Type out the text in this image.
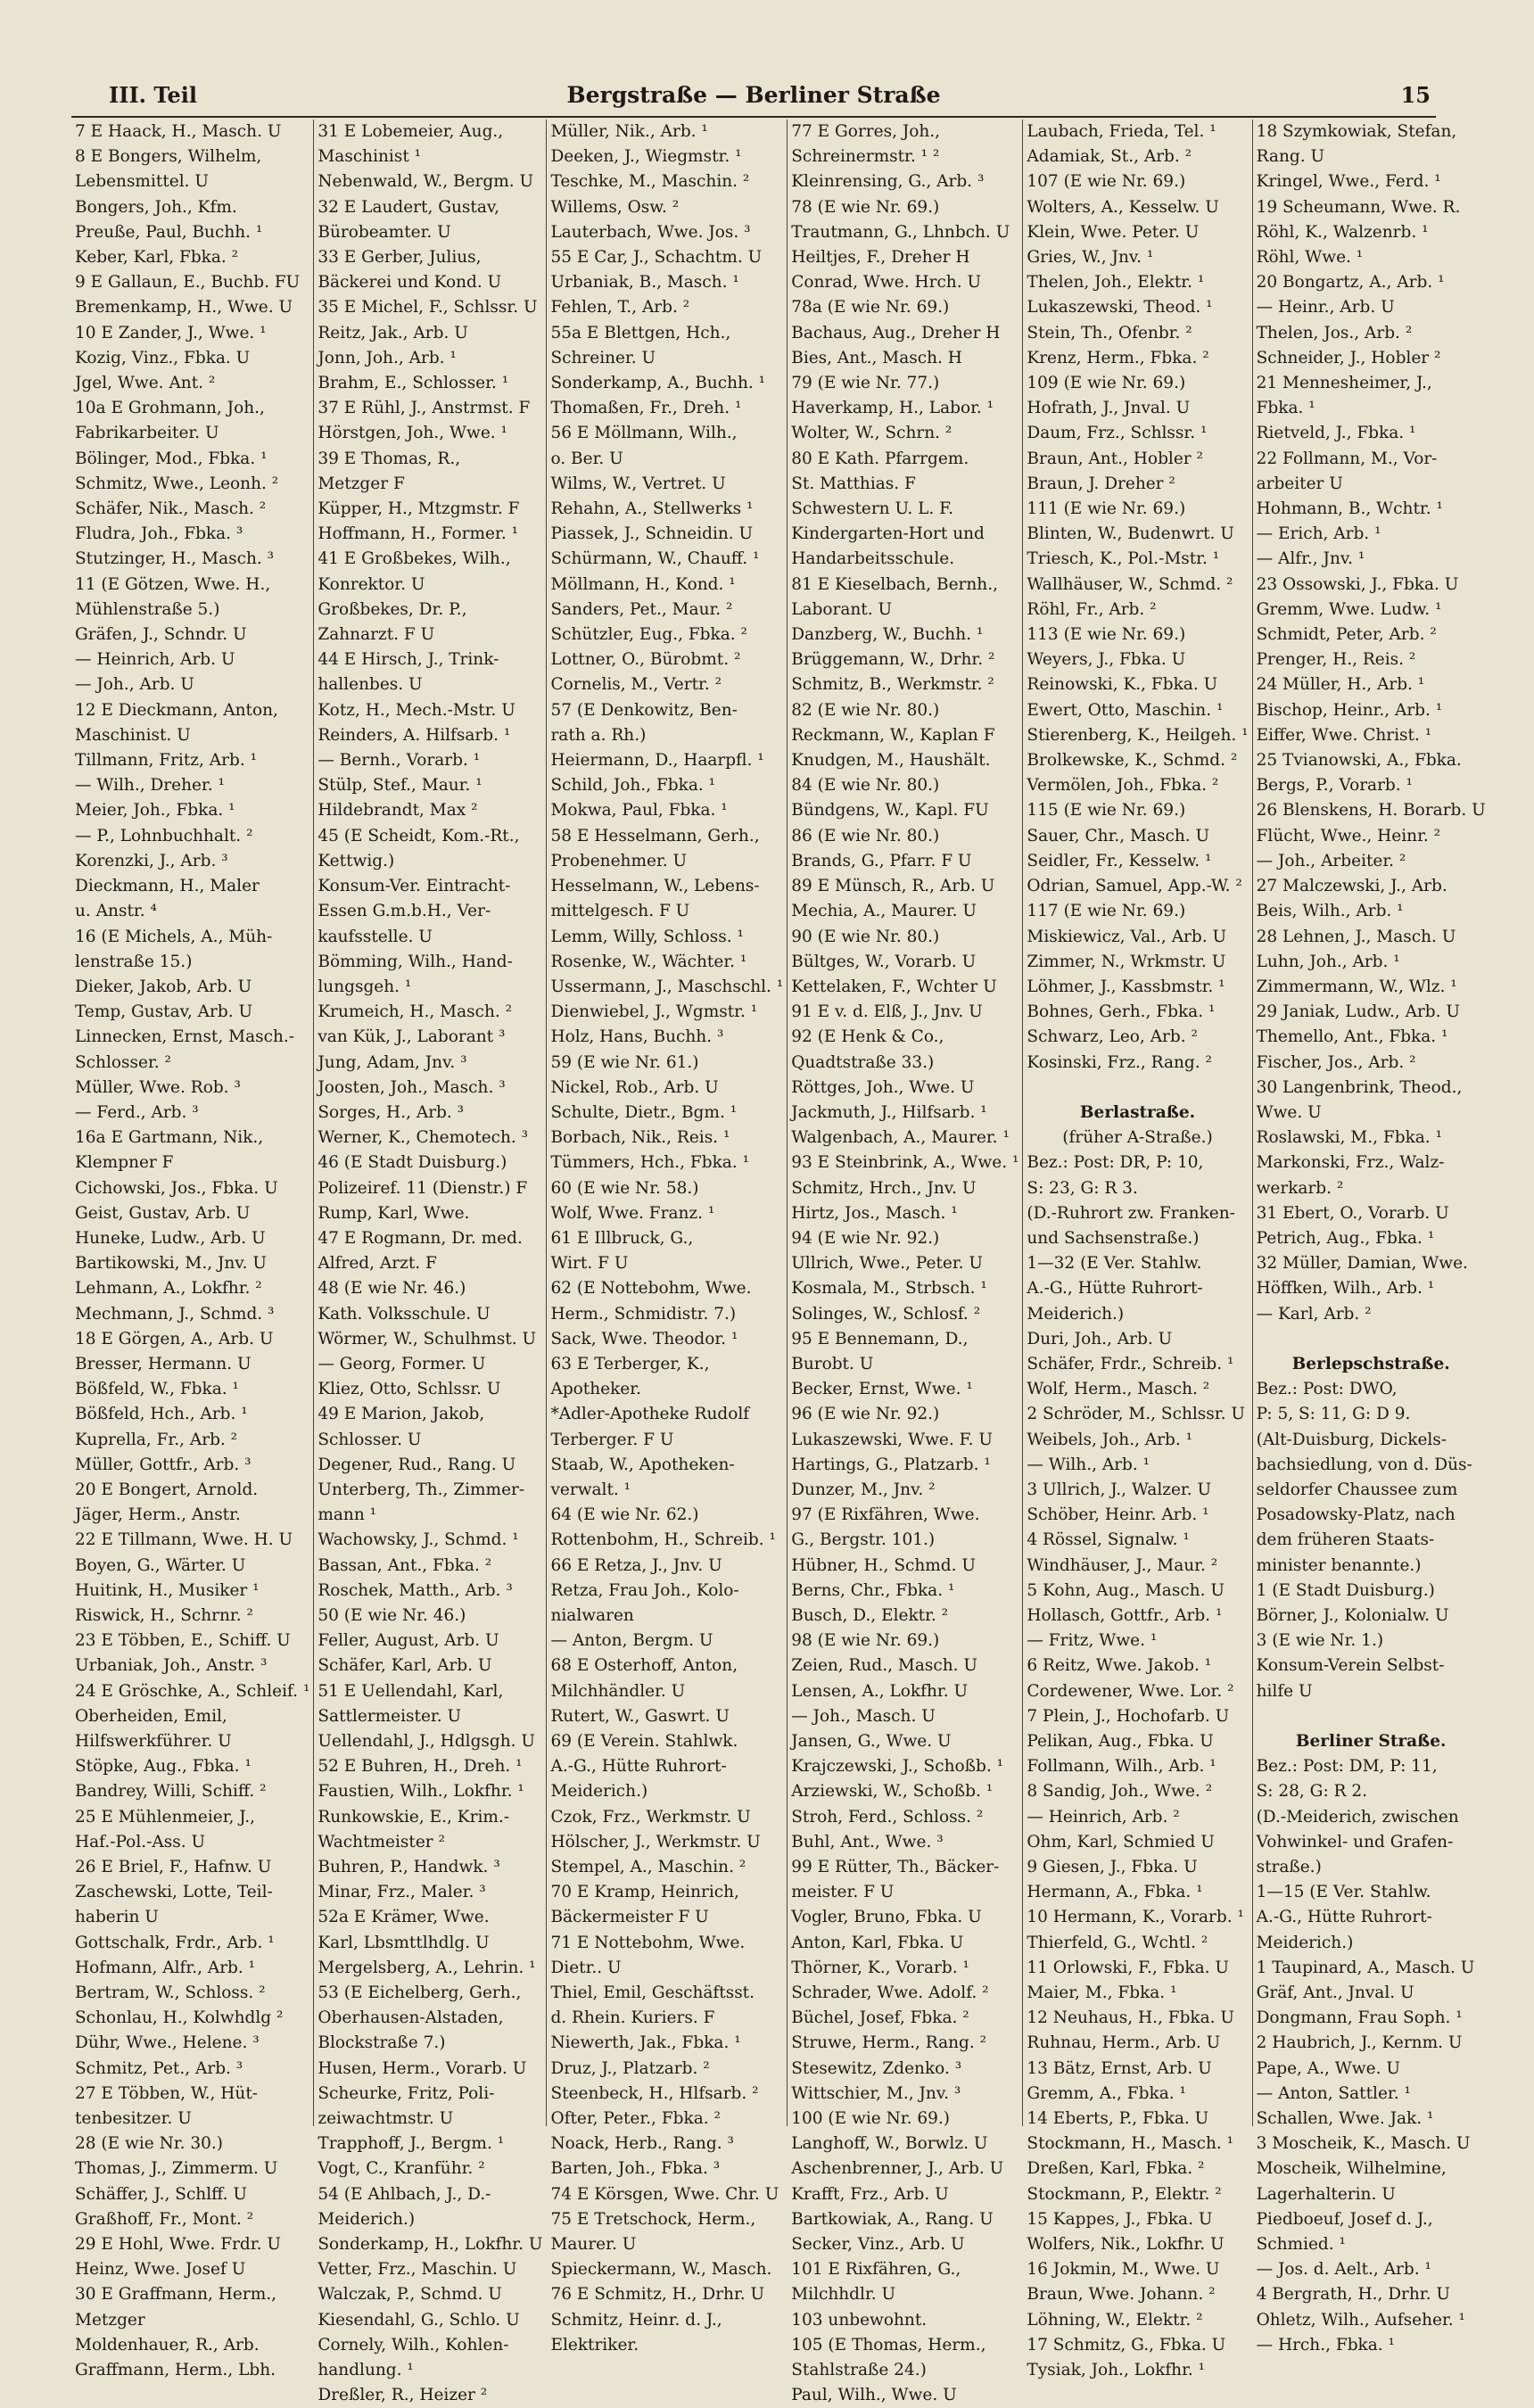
III. Teil	Bergstraße — Berliner Straße	15
7 E Haack, H., Masch. U
8 E Bongers, Wilhelm,
Lebensmittel. U
Bongers, Joh., Kfm.
Preuße, Paul, Buchh. ¹
Keber, Karl, Fbka. ²
9 E Gallaun, E., Buchb. FU
Bremenkamp, H., Wwe. U
10 E Zander, J., Wwe. ¹
Kozig, Vinz., Fbka. U
Jgel, Wwe. Ant. ²
10a E Grohmann, Joh.,
Fabrikarbeiter. U
Bölinger, Mod., Fbka. ¹
Schmitz, Wwe., Leonh. ²
Schäfer, Nik., Masch. ²
Fludra, Joh., Fbka. ³
Stutzinger, H., Masch. ³
11 (E Götzen, Wwe. H.,
Mühlenstraße 5.)
Gräfen, J., Schndr. U
— Heinrich, Arb. U
— Joh., Arb. U
12 E Dieckmann, Anton,
Maschinist. U
Tillmann, Fritz, Arb. ¹
— Wilh., Dreher. ¹
Meier, Joh., Fbka. ¹
— P., Lohnbuchhalt. ²
Korenzki, J., Arb. ³
Dieckmann, H., Maler
u. Anstr. ⁴
16 (E Michels, A., Müh-
lenstraße 15.)
Dieker, Jakob, Arb. U
Temp, Gustav, Arb. U
Linnecken, Ernst, Masch.-
Schlosser. ²
Müller, Wwe. Rob. ³
— Ferd., Arb. ³
16a E Gartmann, Nik.,
Klempner F
Cichowski, Jos., Fbka. U
Geist, Gustav, Arb. U
Huneke, Ludw., Arb. U
Bartikowski, M., Jnv. U
Lehmann, A., Lokfhr. ²
Mechmann, J., Schmd. ³
18 E Görgen, A., Arb. U
Bresser, Hermann. U
Bößfeld, W., Fbka. ¹
Bößfeld, Hch., Arb. ¹
Kuprella, Fr., Arb. ²
Müller, Gottfr., Arb. ³
20 E Bongert, Arnold.
Jäger, Herm., Anstr.
22 E Tillmann, Wwe. H. U
Boyen, G., Wärter. U
Huitink, H., Musiker ¹
Riswick, H., Schrnr. ²
23 E Többen, E., Schiff. U
Urbaniak, Joh., Anstr. ³
24 E Gröschke, A., Schleif. ¹
Oberheiden, Emil,
Hilfswerkführer. U
Stöpke, Aug., Fbka. ¹
Bandrey, Willi, Schiff. ²
25 E Mühlenmeier, J.,
Haf.-Pol.-Ass. U
26 E Briel, F., Hafnw. U
Zaschewski, Lotte, Teil-
haberin U
Gottschalk, Frdr., Arb. ¹
Hofmann, Alfr., Arb. ¹
Bertram, W., Schloss. ²
Schonlau, H., Kolwhdlg ²
Dühr, Wwe., Helene. ³
Schmitz, Pet., Arb. ³
27 E Többen, W., Hüt-
tenbesitzer. U
28 (E wie Nr. 30.)
Thomas, J., Zimmerm. U
Schäffer, J., Schlff. U
Graßhoff, Fr., Mont. ²
29 E Hohl, Wwe. Frdr. U
Heinz, Wwe. Josef U
30 E Graffmann, Herm.,
Metzger
Moldenhauer, R., Arb.
Graffmann, Herm., Lbh.
31 E Lobemeier, Aug.,
Maschinist ¹
Nebenwald, W., Bergm. U
32 E Laudert, Gustav,
Bürobeamter. U
33 E Gerber, Julius,
Bäckerei und Kond. U
35 E Michel, F., Schlssr. U
Reitz, Jak., Arb. U
Jonn, Joh., Arb. ¹
Brahm, E., Schlosser. ¹
37 E Rühl, J., Anstrmst. F
Hörstgen, Joh., Wwe. ¹
39 E Thomas, R.,
Metzger F
Küpper, H., Mtzgmstr. F
Hoffmann, H., Former. ¹
41 E Großbekes, Wilh.,
Konrektor. U
Großbekes, Dr. P.,
Zahnarzt. F U
44 E Hirsch, J., Trink-
hallenbes. U
Kotz, H., Mech.-Mstr. U
Reinders, A. Hilfsarb. ¹
— Bernh., Vorarb. ¹
Stülp, Stef., Maur. ¹
Hildebrandt, Max ²
45 (E Scheidt, Kom.-Rt.,
Kettwig.)
Konsum-Ver. Eintracht-
Essen G.m.b.H., Ver-
kaufsstelle. U
Bömming, Wilh., Hand-
lungsgeh. ¹
Krumeich, H., Masch. ²
van Kük, J., Laborant ³
Jung, Adam, Jnv. ³
Joosten, Joh., Masch. ³
Sorges, H., Arb. ³
Werner, K., Chemotech. ³
46 (E Stadt Duisburg.)
Polizeiref. 11 (Dienstr.) F
Rump, Karl, Wwe.
47 E Rogmann, Dr. med.
Alfred, Arzt. F
48 (E wie Nr. 46.)
Kath. Volksschule. U
Wörmer, W., Schulhmst. U
— Georg, Former. U
Kliez, Otto, Schlssr. U
49 E Marion, Jakob,
Schlosser. U
Degener, Rud., Rang. U
Unterberg, Th., Zimmer-
mann ¹
Wachowsky, J., Schmd. ¹
Bassan, Ant., Fbka. ²
Roschek, Matth., Arb. ³
50 (E wie Nr. 46.)
Feller, August, Arb. U
Schäfer, Karl, Arb. U
51 E Uellendahl, Karl,
Sattlermeister. U
Uellendahl, J., Hdlgsgh. U
52 E Buhren, H., Dreh. ¹
Faustien, Wilh., Lokfhr. ¹
Runkowskie, E., Krim.-
Wachtmeister ²
Buhren, P., Handwk. ³
Minar, Frz., Maler. ³
52a E Krämer, Wwe.
Karl, Lbsmttlhdlg. U
Mergelsberg, A., Lehrin. ¹
53 (E Eichelberg, Gerh.,
Oberhausen-Alstaden,
Blockstraße 7.)
Husen, Herm., Vorarb. U
Scheurke, Fritz, Poli-
zeiwachtmstr. U
Trapphoff, J., Bergm. ¹
Vogt, C., Kranführ. ²
54 (E Ahlbach, J., D.-
Meiderich.)
Sonderkamp, H., Lokfhr. U
Vetter, Frz., Maschin. U
Walczak, P., Schmd. U
Kiesendahl, G., Schlo. U
Cornely, Wilh., Kohlen-
handlung. ¹
Dreßler, R., Heizer ²
Müller, Nik., Arb. ¹
Deeken, J., Wiegmstr. ¹
Teschke, M., Maschin. ²
Willems, Osw. ²
Lauterbach, Wwe. Jos. ³
55 E Car, J., Schachtm. U
Urbaniak, B., Masch. ¹
Fehlen, T., Arb. ²
55a E Blettgen, Hch.,
Schreiner. U
Sonderkamp, A., Buchh. ¹
Thomaßen, Fr., Dreh. ¹
56 E Möllmann, Wilh.,
o. Ber. U
Wilms, W., Vertret. U
Rehahn, A., Stellwerks ¹
Piassek, J., Schneidin. U
Schürmann, W., Chauff. ¹
Möllmann, H., Kond. ¹
Sanders, Pet., Maur. ²
Schützler, Eug., Fbka. ²
Lottner, O., Bürobmt. ²
Cornelis, M., Vertr. ²
57 (E Denkowitz, Ben-
rath a. Rh.)
Heiermann, D., Haarpfl. ¹
Schild, Joh., Fbka. ¹
Mokwa, Paul, Fbka. ¹
58 E Hesselmann, Gerh.,
Probenehmer. U
Hesselmann, W., Lebens-
mittelgesch. F U
Lemm, Willy, Schloss. ¹
Rosenke, W., Wächter. ¹
Ussermann, J., Maschschl. ¹
Dienwiebel, J., Wgmstr. ¹
Holz, Hans, Buchh. ³
59 (E wie Nr. 61.)
Nickel, Rob., Arb. U
Schulte, Dietr., Bgm. ¹
Borbach, Nik., Reis. ¹
Tümmers, Hch., Fbka. ¹
60 (E wie Nr. 58.)
Wolf, Wwe. Franz. ¹
61 E Illbruck, G.,
Wirt. F U
62 (E Nottebohm, Wwe.
Herm., Schmidistr. 7.)
Sack, Wwe. Theodor. ¹
63 E Terberger, K.,
Apotheker.
*Adler-Apotheke Rudolf
Terberger. F U
Staab, W., Apotheken-
verwalt. ¹
64 (E wie Nr. 62.)
Rottenbohm, H., Schreib. ¹
66 E Retza, J., Jnv. U
Retza, Frau Joh., Kolo-
nialwaren
— Anton, Bergm. U
68 E Osterhoff, Anton,
Milchhändler. U
Rutert, W., Gaswrt. U
69 (E Verein. Stahlwk.
A.-G., Hütte Ruhrort-
Meiderich.)
Czok, Frz., Werkmstr. U
Hölscher, J., Werkmstr. U
Stempel, A., Maschin. ²
70 E Kramp, Heinrich,
Bäckermeister F U
71 E Nottebohm, Wwe.
Dietr.. U
Thiel, Emil, Geschäftsst.
d. Rhein. Kuriers. F
Niewerth, Jak., Fbka. ¹
Druz, J., Platzarb. ²
Steenbeck, H., Hlfsarb. ²
Ofter, Peter., Fbka. ²
Noack, Herb., Rang. ³
Barten, Joh., Fbka. ³
74 E Körsgen, Wwe. Chr. U
75 E Tretschock, Herm.,
Maurer. U
Spieckermann, W., Masch.
76 E Schmitz, H., Drhr. U
Schmitz, Heinr. d. J.,
Elektriker.
77 E Gorres, Joh.,
Schreinermstr. ¹ ²
Kleinrensing, G., Arb. ³
78 (E wie Nr. 69.)
Trautmann, G., Lhnbch. U
Heiltjes, F., Dreher H
Conrad, Wwe. Hrch. U
78a (E wie Nr. 69.)
Bachaus, Aug., Dreher H
Bies, Ant., Masch. H
79 (E wie Nr. 77.)
Haverkamp, H., Labor. ¹
Wolter, W., Schrn. ²
80 E Kath. Pfarrgem.
St. Matthias. F
Schwestern U. L. F.
Kindergarten-Hort und
Handarbeitsschule.
81 E Kieselbach, Bernh.,
Laborant. U
Danzberg, W., Buchh. ¹
Brüggemann, W., Drhr. ²
Schmitz, B., Werkmstr. ²
82 (E wie Nr. 80.)
Reckmann, W., Kaplan F
Knudgen, M., Haushält.
84 (E wie Nr. 80.)
Bündgens, W., Kapl. FU
86 (E wie Nr. 80.)
Brands, G., Pfarr. F U
89 E Münsch, R., Arb. U
Mechia, A., Maurer. U
90 (E wie Nr. 80.)
Bültges, W., Vorarb. U
Kettelaken, F., Wchter U
91 E v. d. Elß, J., Jnv. U
92 (E Henk & Co.,
Quadtstraße 33.)
Röttges, Joh., Wwe. U
Jackmuth, J., Hilfsarb. ¹
Walgenbach, A., Maurer. ¹
93 E Steinbrink, A., Wwe. ¹
Schmitz, Hrch., Jnv. U
Hirtz, Jos., Masch. ¹
94 (E wie Nr. 92.)
Ullrich, Wwe., Peter. U
Kosmala, M., Strbsch. ¹
Solinges, W., Schlosf. ²
95 E Bennemann, D.,
Burobt. U
Becker, Ernst, Wwe. ¹
96 (E wie Nr. 92.)
Lukaszewski, Wwe. F. U
Hartings, G., Platzarb. ¹
Dunzer, M., Jnv. ²
97 (E Rixfähren, Wwe.
G., Bergstr. 101.)
Hübner, H., Schmd. U
Berns, Chr., Fbka. ¹
Busch, D., Elektr. ²
98 (E wie Nr. 69.)
Zeien, Rud., Masch. U
Lensen, A., Lokfhr. U
— Joh., Masch. U
Jansen, G., Wwe. U
Krajczewski, J., Schoßb. ¹
Arziewski, W., Schoßb. ¹
Stroh, Ferd., Schloss. ²
Buhl, Ant., Wwe. ³
99 E Rütter, Th., Bäcker-
meister. F U
Vogler, Bruno, Fbka. U
Anton, Karl, Fbka. U
Thörner, K., Vorarb. ¹
Schrader, Wwe. Adolf. ²
Büchel, Josef, Fbka. ²
Struwe, Herm., Rang. ²
Stesewitz, Zdenko. ³
Wittschier, M., Jnv. ³
100 (E wie Nr. 69.)
Langhoff, W., Borwlz. U
Aschenbrenner, J., Arb. U
Krafft, Frz., Arb. U
Bartkowiak, A., Rang. U
Secker, Vinz., Arb. U
101 E Rixfähren, G.,
Milchhdlr. U
103 unbewohnt.
105 (E Thomas, Herm.,
Stahlstraße 24.)
Paul, Wilh., Wwe. U
Laubach, Frieda, Tel. ¹
Adamiak, St., Arb. ²
107 (E wie Nr. 69.)
Wolters, A., Kesselw. U
Klein, Wwe. Peter. U
Gries, W., Jnv. ¹
Thelen, Joh., Elektr. ¹
Lukaszewski, Theod. ¹
Stein, Th., Ofenbr. ²
Krenz, Herm., Fbka. ²
109 (E wie Nr. 69.)
Hofrath, J., Jnval. U
Daum, Frz., Schlssr. ¹
Braun, Ant., Hobler ²
Braun, J. Dreher ²
111 (E wie Nr. 69.)
Blinten, W., Budenwrt. U
Triesch, K., Pol.-Mstr. ¹
Wallhäuser, W., Schmd. ²
Röhl, Fr., Arb. ²
113 (E wie Nr. 69.)
Weyers, J., Fbka. U
Reinowski, K., Fbka. U
Ewert, Otto, Maschin. ¹
Stierenberg, K., Heilgeh. ¹
Brolkewske, K., Schmd. ²
Vermölen, Joh., Fbka. ²
115 (E wie Nr. 69.)
Sauer, Chr., Masch. U
Seidler, Fr., Kesselw. ¹
Odrian, Samuel, App.-W. ²
117 (E wie Nr. 69.)
Miskiewicz, Val., Arb. U
Zimmer, N., Wrkmstr. U
Löhmer, J., Kassbmstr. ¹
Bohnes, Gerh., Fbka. ¹
Schwarz, Leo, Arb. ²
Kosinski, Frz., Rang. ²

Berlastraße.
(früher A-Straße.)
Bez.: Post: DR, P: 10,
S: 23, G: R 3.
(D.-Ruhrort zw. Franken-
und Sachsenstraße.)
1—32 (E Ver. Stahlw.
A.-G., Hütte Ruhrort-
Meiderich.)
Duri, Joh., Arb. U
Schäfer, Frdr., Schreib. ¹
Wolf, Herm., Masch. ²
2 Schröder, M., Schlssr. U
Weibels, Joh., Arb. ¹
— Wilh., Arb. ¹
3 Ullrich, J., Walzer. U
Schöber, Heinr. Arb. ¹
4 Rössel, Signalw. ¹
Windhäuser, J., Maur. ²
5 Kohn, Aug., Masch. U
Hollasch, Gottfr., Arb. ¹
— Fritz, Wwe. ¹
6 Reitz, Wwe. Jakob. ¹
Cordewener, Wwe. Lor. ²
7 Plein, J., Hochofarb. U
Pelikan, Aug., Fbka. U
Follmann, Wilh., Arb. ¹
8 Sandig, Joh., Wwe. ²
— Heinrich, Arb. ²
Ohm, Karl, Schmied U
9 Giesen, J., Fbka. U
Hermann, A., Fbka. ¹
10 Hermann, K., Vorarb. ¹
Thierfeld, G., Wchtl. ²
11 Orlowski, F., Fbka. U
Maier, M., Fbka. ¹
12 Neuhaus, H., Fbka. U
Ruhnau, Herm., Arb. U
13 Bätz, Ernst, Arb. U
Gremm, A., Fbka. ¹
14 Eberts, P., Fbka. U
Stockmann, H., Masch. ¹
Dreßen, Karl, Fbka. ²
Stockmann, P., Elektr. ²
15 Kappes, J., Fbka. U
Wolfers, Nik., Lokfhr. U
16 Jokmin, M., Wwe. U
Braun, Wwe. Johann. ²
Löhning, W., Elektr. ²
17 Schmitz, G., Fbka. U
Tysiak, Joh., Lokfhr. ¹
18 Szymkowiak, Stefan,
Rang. U
Kringel, Wwe., Ferd. ¹
19 Scheumann, Wwe. R.
Röhl, K., Walzenrb. ¹
Röhl, Wwe. ¹
20 Bongartz, A., Arb. ¹
— Heinr., Arb. U
Thelen, Jos., Arb. ²
Schneider, J., Hobler ²
21 Mennesheimer, J.,
Fbka. ¹
Rietveld, J., Fbka. ¹
22 Follmann, M., Vor-
arbeiter U
Hohmann, B., Wchtr. ¹
— Erich, Arb. ¹
— Alfr., Jnv. ¹
23 Ossowski, J., Fbka. U
Gremm, Wwe. Ludw. ¹
Schmidt, Peter, Arb. ²
Prenger, H., Reis. ²
24 Müller, H., Arb. ¹
Bischop, Heinr., Arb. ¹
Eiffer, Wwe. Christ. ¹
25 Tvianowski, A., Fbka.
Bergs, P., Vorarb. ¹
26 Blenskens, H. Borarb. U
Flücht, Wwe., Heinr. ²
— Joh., Arbeiter. ²
27 Malczewski, J., Arb.
Beis, Wilh., Arb. ¹
28 Lehnen, J., Masch. U
Luhn, Joh., Arb. ¹
Zimmermann, W., Wlz. ¹
29 Janiak, Ludw., Arb. U
Themello, Ant., Fbka. ¹
Fischer, Jos., Arb. ²
30 Langenbrink, Theod.,
Wwe. U
Roslawski, M., Fbka. ¹
Markonski, Frz., Walz-
werkarb. ²
31 Ebert, O., Vorarb. U
Petrich, Aug., Fbka. ¹
32 Müller, Damian, Wwe.
Höffken, Wilh., Arb. ¹
— Karl, Arb. ²

Berlepschstraße.
Bez.: Post: DWO,
P: 5, S: 11, G: D 9.
(Alt-Duisburg, Dickels-
bachsiedlung, von d. Düs-
seldorfer Chaussee zum
Posadowsky-Platz, nach
dem früheren Staats-
minister benannte.)
1 (E Stadt Duisburg.)
Börner, J., Kolonialw. U
3 (E wie Nr. 1.)
Konsum-Verein Selbst-
hilfe U

Berliner Straße.
Bez.: Post: DM, P: 11,
S: 28, G: R 2.
(D.-Meiderich, zwischen
Vohwinkel- und Grafen-
straße.)
1—15 (E Ver. Stahlw.
A.-G., Hütte Ruhrort-
Meiderich.)
1 Taupinard, A., Masch. U
Gräf, Ant., Jnval. U
Dongmann, Frau Soph. ¹
2 Haubrich, J., Kernm. U
Pape, A., Wwe. U
— Anton, Sattler. ¹
Schallen, Wwe. Jak. ¹
3 Moscheik, K., Masch. U
Moscheik, Wilhelmine,
Lagerhalterin. U
Piedboeuf, Josef d. J.,
Schmied. ¹
— Jos. d. Aelt., Arb. ¹
4 Bergrath, H., Drhr. U
Ohletz, Wilh., Aufseher. ¹
— Hrch., Fbka. ¹
